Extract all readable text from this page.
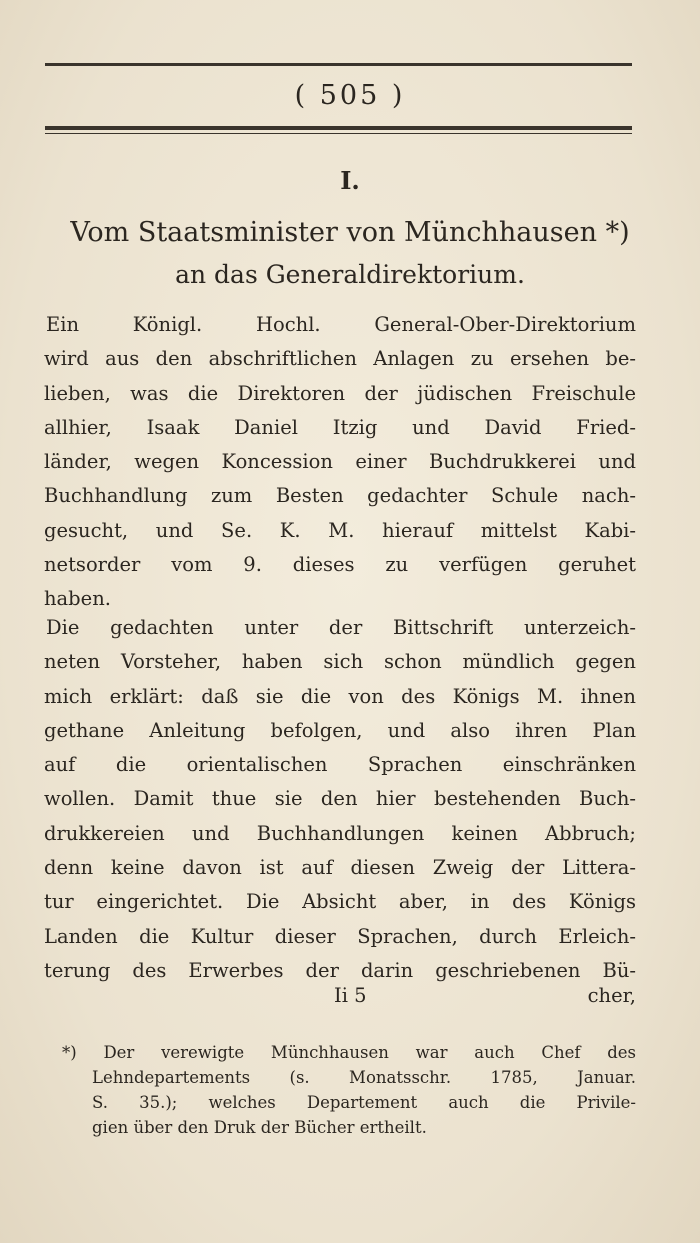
( 505 )
I.
Vom Staatsminister von Münchhausen *)
an das Generaldirektorium.
Ein Königl. Hochl. General-Ober-Direktorium
wird aus den abschriftlichen Anlagen zu ersehen be-
lieben, was die Direktoren der jüdischen Freischule
allhier, Isaak Daniel Itzig und David Fried-
länder, wegen Koncession einer Buchdrukkerei und
Buchhandlung zum Besten gedachter Schule nach-
gesucht, und Se. K. M. hierauf mittelst Kabi-
netsorder vom 9. dieses zu verfügen geruhet
haben.
Die gedachten unter der Bittschrift unterzeich-
neten Vorsteher, haben sich schon mündlich gegen
mich erklärt: daß sie die von des Königs M. ihnen
gethane Anleitung befolgen, und also ihren Plan
auf die orientalischen Sprachen einschränken
wollen. Damit thue sie den hier bestehenden Buch-
drukkereien und Buchhandlungen keinen Abbruch;
denn keine davon ist auf diesen Zweig der Littera-
tur eingerichtet. Die Absicht aber, in des Königs
Landen die Kultur dieser Sprachen, durch Erleich-
terung des Erwerbes der darin geschriebenen Bü-
Ii 5	cher,
*) Der verewigte Münchhausen war auch Chef des
Lehndepartements (s. Monatsschr. 1785, Januar.
S. 35.); welches Departement auch die Privile-
gien über den Druk der Bücher ertheilt.
